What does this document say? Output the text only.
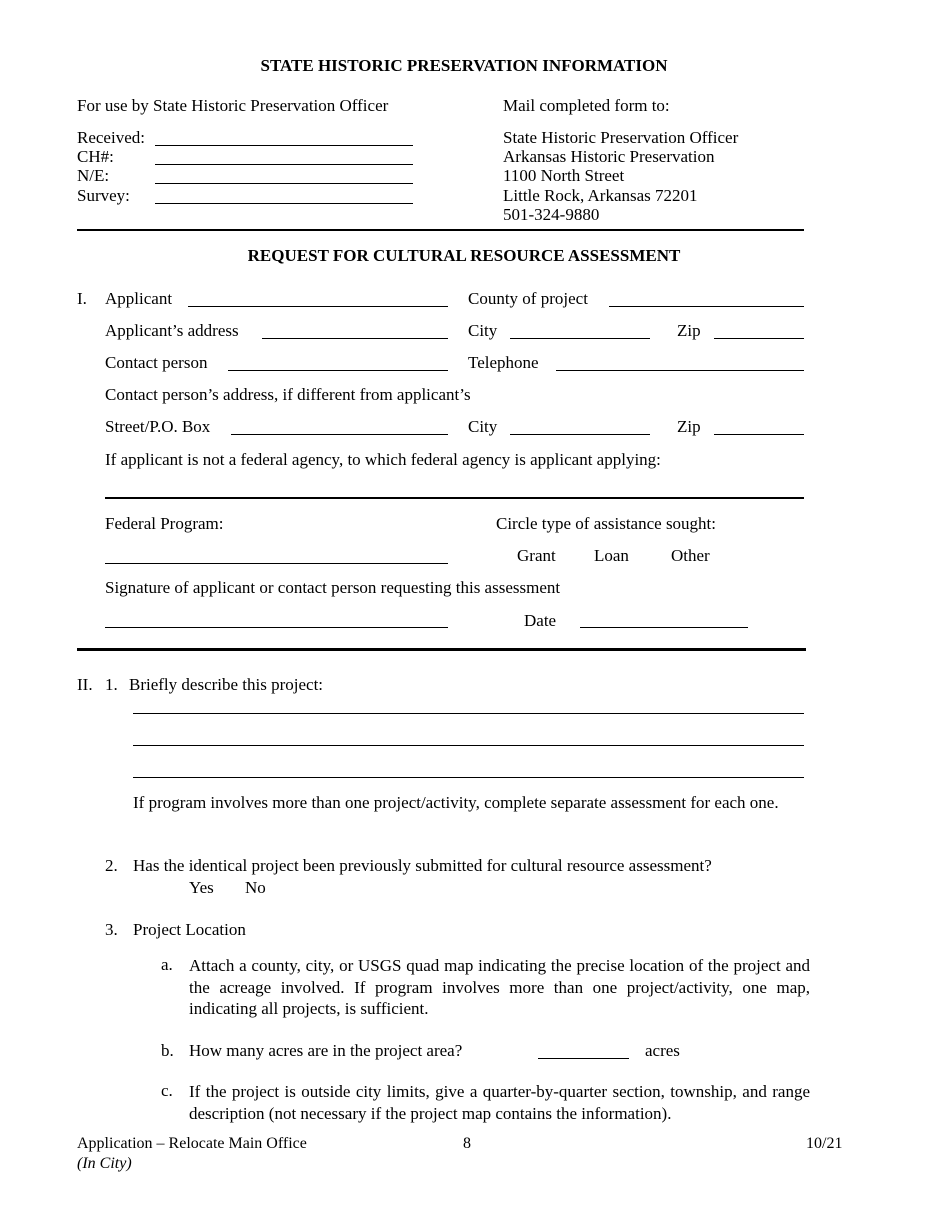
STATE HISTORIC PRESERVATION INFORMATION
For use by State Historic Preservation Officer
Received:
CH#:
N/E:
Survey:
Mail completed form to:
State Historic Preservation Officer
Arkansas Historic Preservation
1100 North Street
Little Rock, Arkansas 72201
501-324-9880
REQUEST FOR CULTURAL RESOURCE ASSESSMENT
I. Applicant	County of project
Applicant’s address	City	Zip
Contact person	Telephone
Contact person’s address, if different from applicant’s
Street/P.O. Box	City	Zip
If applicant is not a federal agency, to which federal agency is applicant applying:
Federal Program:	Circle type of assistance sought:
Grant Loan Other
Signature of applicant or contact person requesting this assessment
Date
II. 1. Briefly describe this project:
If program involves more than one project/activity, complete separate assessment for each one.
2. Has the identical project been previously submitted for cultural resource assessment?
Yes No
3. Project Location
a. Attach a county, city, or USGS quad map indicating the precise location of the project and the acreage involved. If program involves more than one project/activity, one map, indicating all projects, is sufficient.
b. How many acres are in the project area?	acres
c. If the project is outside city limits, give a quarter-by-quarter section, township, and range description (not necessary if the project map contains the information).
Application – Relocate Main Office
(In City)
8	10/21
